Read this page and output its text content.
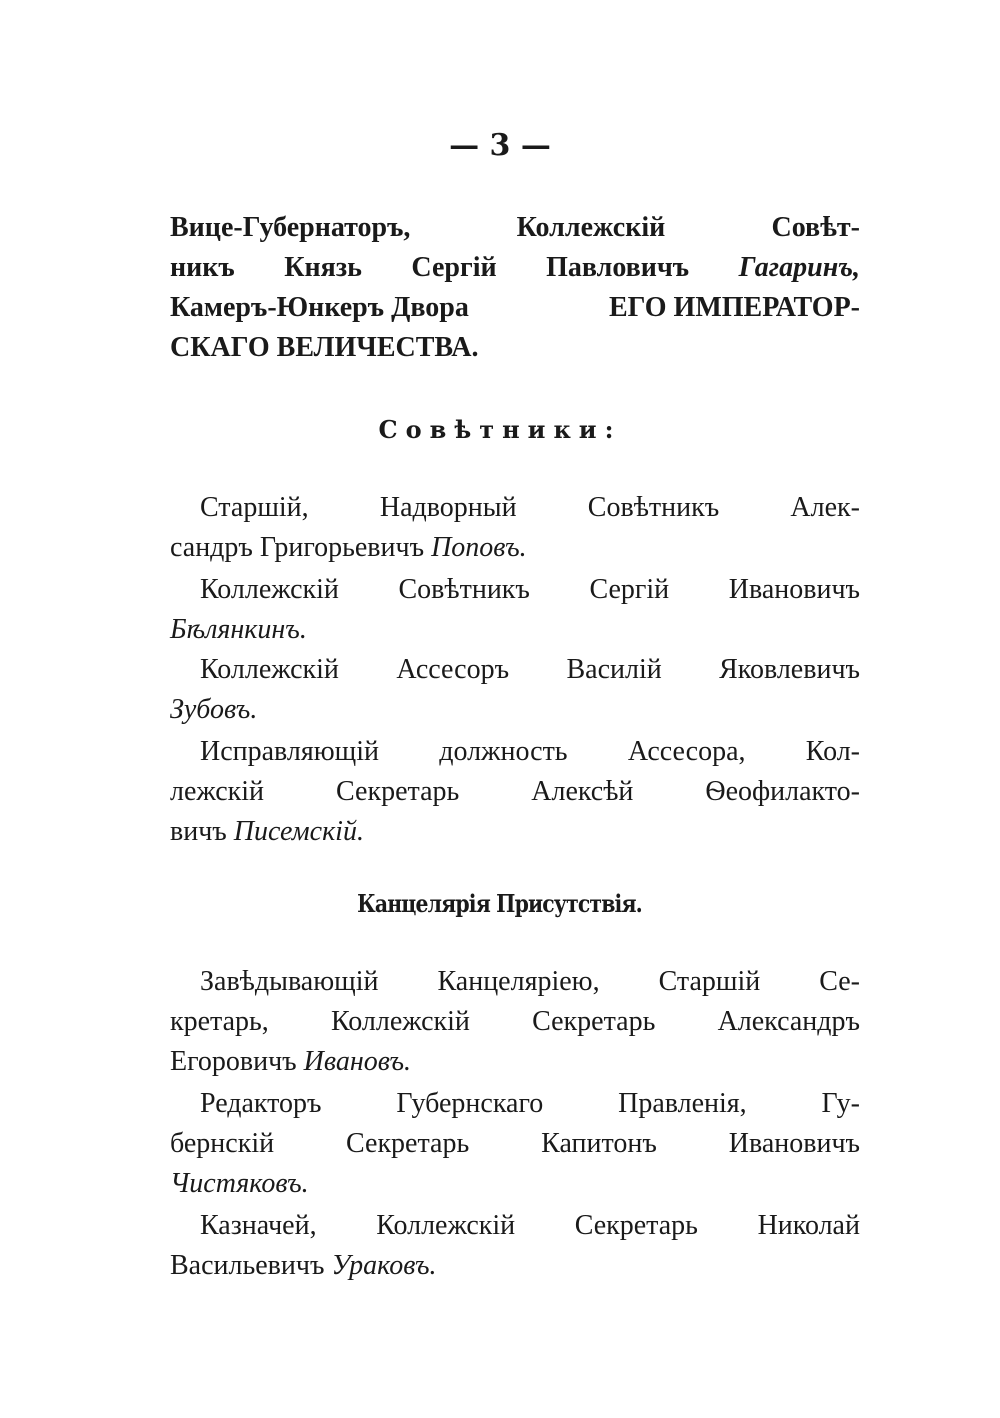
— 3 —
Вице-Губернаторъ,	Коллежскій	Совѣт-
никъ Князь Сергій Павловичъ Гагаринъ,
Камеръ-Юнкеръ Двора	ЕГО ИМПЕРАТОР-
СКАГО ВЕЛИЧЕСТВА.
Совѣтники:
Старшій,	Надворный	Совѣтникъ	Алек-
сандръ Григорьевичъ Поповъ.
Коллежскій Совѣтникъ Сергій Ивановичъ
Бѣлянкинъ.
Коллежскій Ассесоръ Василій Яковлевичъ
Зубовъ.
Исправляющій должность Ассесора, Кол-
лежскій	Секретарь	Алексѣй	Ѳеофилакто-
вичъ Писемскій.
Канцелярія Присутствія.
Завѣдывающій Канцеляріею, Старшій Се-
кретарь, Коллежскій Секретарь Александръ
Егоровичъ Ивановъ.
Редакторъ	Губернскаго	Правленія,	Гу-
бернскій	Секретарь	Капитонъ	Ивановичъ
Чистяковъ.
Казначей, Коллежскій Секретарь Николай
Васильевичъ Ураковъ.
